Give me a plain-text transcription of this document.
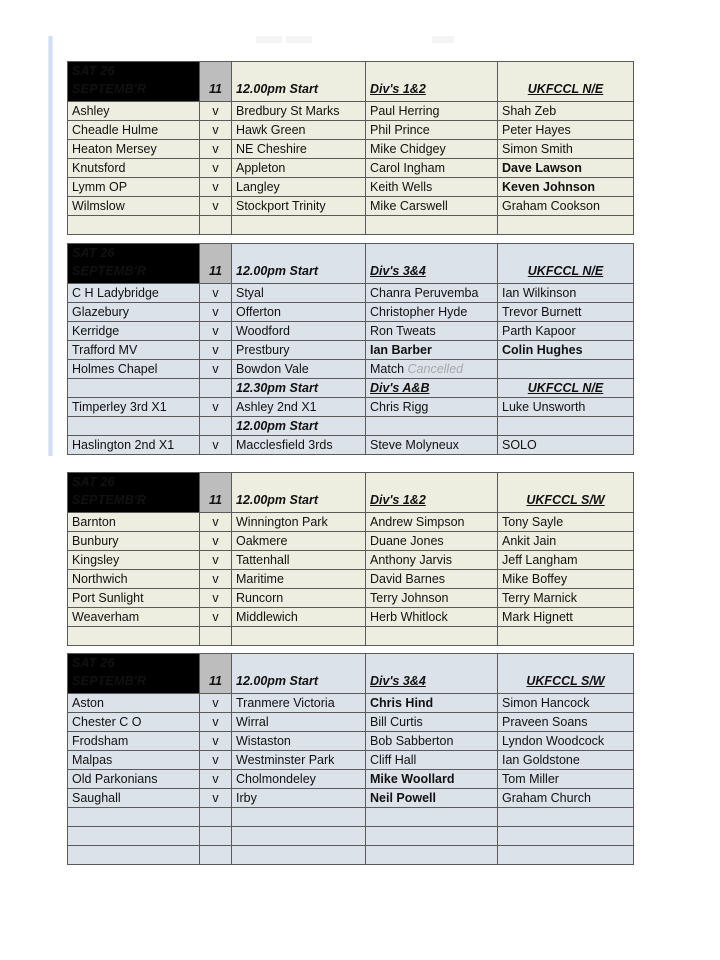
SAT 26
SEPTEMB'R	11	12.00pm Start	Div's 1&2	UKFCCL N/E
Ashley	v	Bredbury St Marks	Paul Herring	Shah Zeb
Cheadle Hulme	v	Hawk Green	Phil Prince	Peter Hayes
Heaton Mersey	v	NE Cheshire	Mike Chidgey	Simon Smith
Knutsford	v	Appleton	Carol Ingham	Dave Lawson
Lymm OP	v	Langley	Keith Wells	Keven Johnson
Wilmslow	v	Stockport Trinity	Mike Carswell	Graham Cookson

SAT 26
SEPTEMB'R	11	12.00pm Start	Div's 3&4	UKFCCL N/E
C H Ladybridge	v	Styal	Chanra Peruvemba	Ian Wilkinson
Glazebury	v	Offerton	Christopher Hyde	Trevor Burnett
Kerridge	v	Woodford	Ron Tweats	Parth Kapoor
Trafford MV	v	Prestbury	Ian Barber	Colin Hughes
Holmes Chapel	v	Bowdon Vale	Match Cancelled	
		12.30pm Start	Div's A&B	UKFCCL N/E
Timperley 3rd X1	v	Ashley 2nd X1	Chris Rigg	Luke Unsworth
		12.00pm Start		
Haslington 2nd X1	v	Macclesfield 3rds	Steve Molyneux	SOLO
SAT 26
SEPTEMB'R	11	12.00pm Start	Div's 1&2	UKFCCL S/W
Barnton	v	Winnington Park	Andrew Simpson	Tony Sayle
Bunbury	v	Oakmere	Duane Jones	Ankit Jain
Kingsley	v	Tattenhall	Anthony Jarvis	Jeff Langham
Northwich	v	Maritime	David Barnes	Mike Boffey
Port Sunlight	v	Runcorn	Terry Johnson	Terry Marnick
Weaverham	v	Middlewich	Herb Whitlock	Mark Hignett

SAT 26
SEPTEMB'R	11	12.00pm Start	Div's 3&4	UKFCCL S/W
Aston	v	Tranmere Victoria	Chris Hind	Simon Hancock
Chester C O	v	Wirral	Bill Curtis	Praveen Soans
Frodsham	v	Wistaston	Bob Sabberton	Lyndon Woodcock
Malpas	v	Westminster Park	Cliff Hall	Ian Goldstone
Old Parkonians	v	Cholmondeley	Mike Woollard	Tom Miller
Saughall	v	Irby	Neil Powell	Graham Church
